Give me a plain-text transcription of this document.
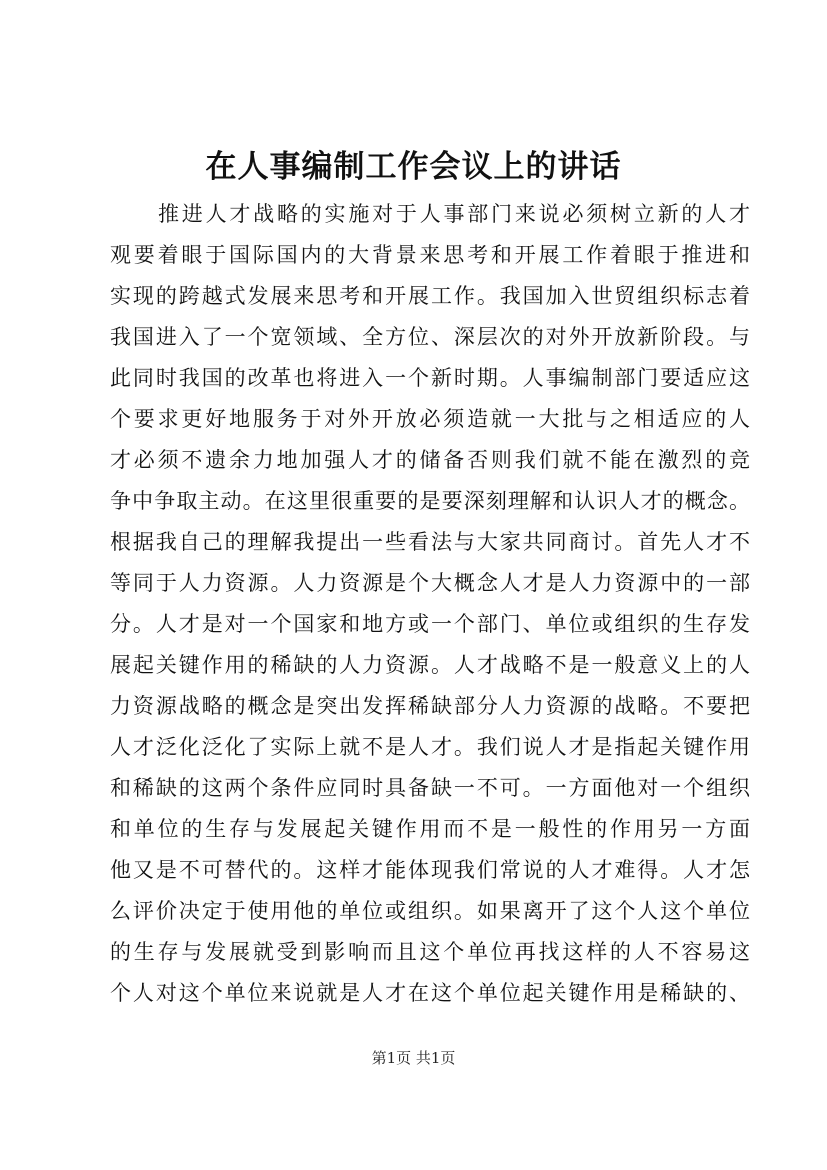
在人事编制工作会议上的讲话
推进人才战略的实施对于人事部门来说必须树立新的人才
观要着眼于国际国内的大背景来思考和开展工作着眼于推进和
实现的跨越式发展来思考和开展工作。我国加入世贸组织标志着
我国进入了一个宽领域、全方位、深层次的对外开放新阶段。与
此同时我国的改革也将进入一个新时期。人事编制部门要适应这
个要求更好地服务于对外开放必须造就一大批与之相适应的人
才必须不遗余力地加强人才的储备否则我们就不能在激烈的竞
争中争取主动。在这里很重要的是要深刻理解和认识人才的概念。
根据我自己的理解我提出一些看法与大家共同商讨。首先人才不
等同于人力资源。人力资源是个大概念人才是人力资源中的一部
分。人才是对一个国家和地方或一个部门、单位或组织的生存发
展起关键作用的稀缺的人力资源。人才战略不是一般意义上的人
力资源战略的概念是突出发挥稀缺部分人力资源的战略。不要把
人才泛化泛化了实际上就不是人才。我们说人才是指起关键作用
和稀缺的这两个条件应同时具备缺一不可。一方面他对一个组织
和单位的生存与发展起关键作用而不是一般性的作用另一方面
他又是不可替代的。这样才能体现我们常说的人才难得。人才怎
么评价决定于使用他的单位或组织。如果离开了这个人这个单位
的生存与发展就受到影响而且这个单位再找这样的人不容易这
个人对这个单位来说就是人才在这个单位起关键作用是稀缺的、
第1页 共1页
